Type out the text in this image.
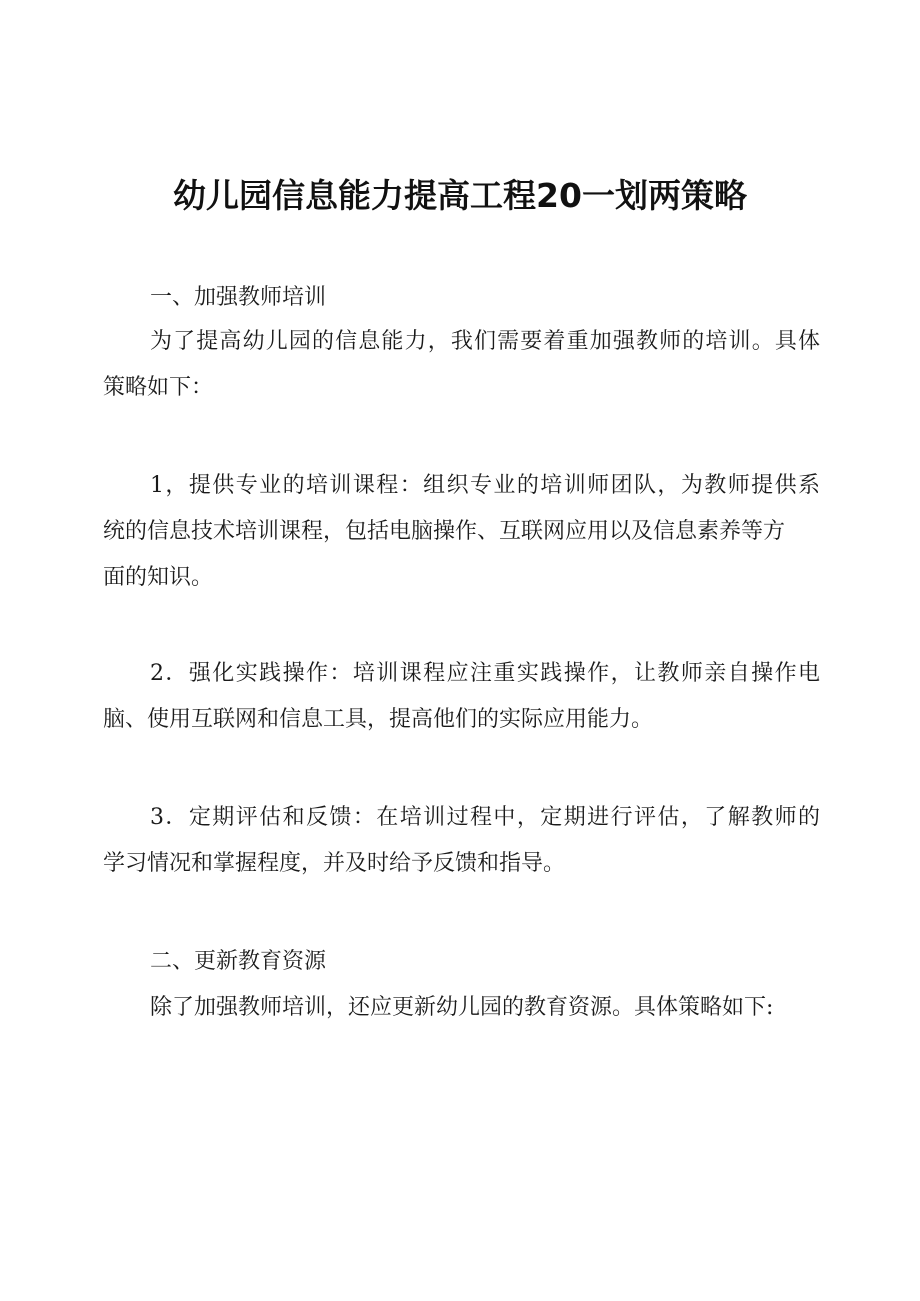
幼儿园信息能力提高工程20一划两策略
一、加强教师培训
为了提高幼儿园的信息能力，我们需要着重加强教师的培训。具体
策略如下：
1，提供专业的培训课程：组织专业的培训师团队，为教师提供系
统的信息技术培训课程，包括电脑操作、互联网应用以及信息素养等方
面的知识。
2．强化实践操作：培训课程应注重实践操作，让教师亲自操作电
脑、使用互联网和信息工具，提高他们的实际应用能力。
3．定期评估和反馈：在培训过程中，定期进行评估，了解教师的
学习情况和掌握程度，并及时给予反馈和指导。
二、更新教育资源
除了加强教师培训，还应更新幼儿园的教育资源。具体策略如下:
